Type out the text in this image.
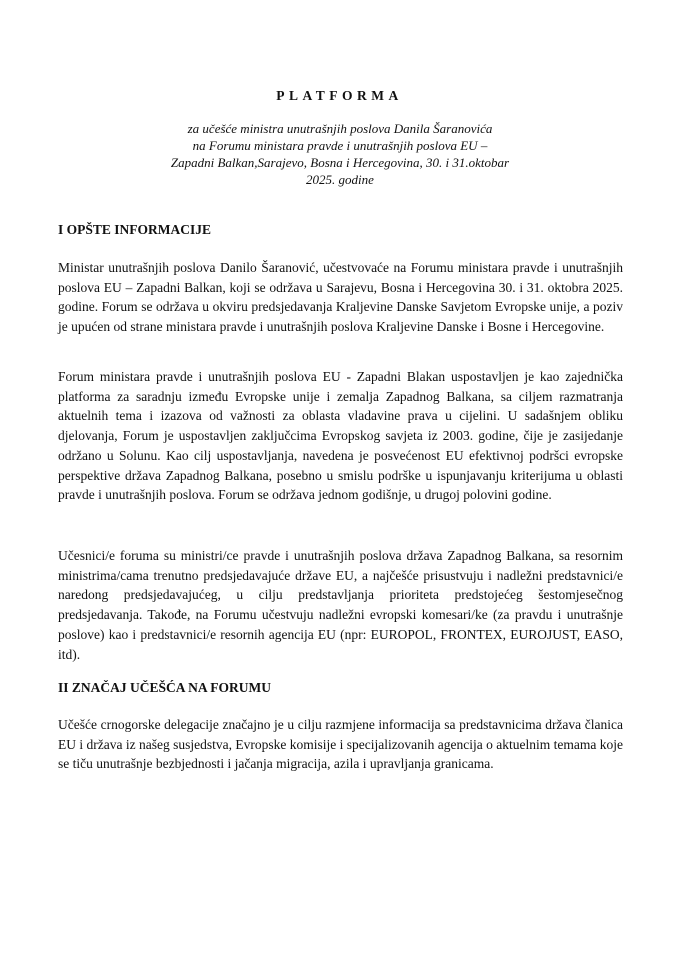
PLATFORMA
za učešće ministra unutrašnjih poslova Danila Šaranovića
na Forumu ministara pravde i unutrašnjih poslova EU –
Zapadni Balkan,Sarajevo, Bosna i Hercegovina, 30. i 31.oktobar
2025. godine
I OPŠTE INFORMACIJE

Ministar unutrašnjih poslova Danilo Šaranović, učestvovaće na Forumu ministara pravde i unutrašnjih poslova EU – Zapadni Balkan, koji se održava u Sarajevu, Bosna i Hercegovina 30. i 31. oktobra 2025. godine. Forum se održava u okviru predsjedavanja Kraljevine Danske Savjetom Evropske unije, a poziv je upućen od strane ministara pravde i unutrašnjih poslova Kraljevine Danske i Bosne i Hercegovine.

Forum ministara pravde i unutrašnjih poslova EU - Zapadni Blakan uspostavljen je kao zajednička platforma za saradnju između Evropske unije i zemalja Zapadnog Balkana, sa ciljem razmatranja aktuelnih tema i izazova od važnosti za oblasta vladavine prava u cijelini. U sadašnjem obliku djelovanja, Forum je uspostavljen zaključcima Evropskog savjeta iz 2003. godine, čije je zasijedanje održano u Solunu. Kao cilj uspostavljanja, navedena je posvećenost EU efektivnoj podršci evropske perspektive država Zapadnog Balkana, posebno u smislu podrške u ispunjavanju kriterijuma u oblasti pravde i unutrašnjih poslova. Forum se održava jednom godišnje, u drugoj polovini godine.

Učesnici/e foruma su ministri/ce pravde i unutrašnjih poslova država Zapadnog Balkana, sa resornim ministrima/cama trenutno predsjedavajuće države EU, a najčešće prisustvuju i nadležni predstavnici/e naredong predsjedavajućeg, u cilju predstavljanja prioriteta predstojećeg šestomjesečnog predsjedavanja. Takođe, na Forumu učestvuju nadležni evropski komesari/ke (za pravdu i unutrašnje poslove) kao i predstavnici/e resornih agencija EU (npr: EUROPOL, FRONTEX, EUROJUST, EASO, itd).

II ZNAČAJ UČEŠĆA NA FORUMU

Učešće crnogorske delegacije značajno je u cilju razmjene informacija sa predstavnicima država članica EU i država iz našeg susjedstva, Evropske komisije i specijalizovanih agencija o aktuelnim temama koje se tiču unutrašnje bezbjednosti i jačanja migracija, azila i upravljanja granicama.
